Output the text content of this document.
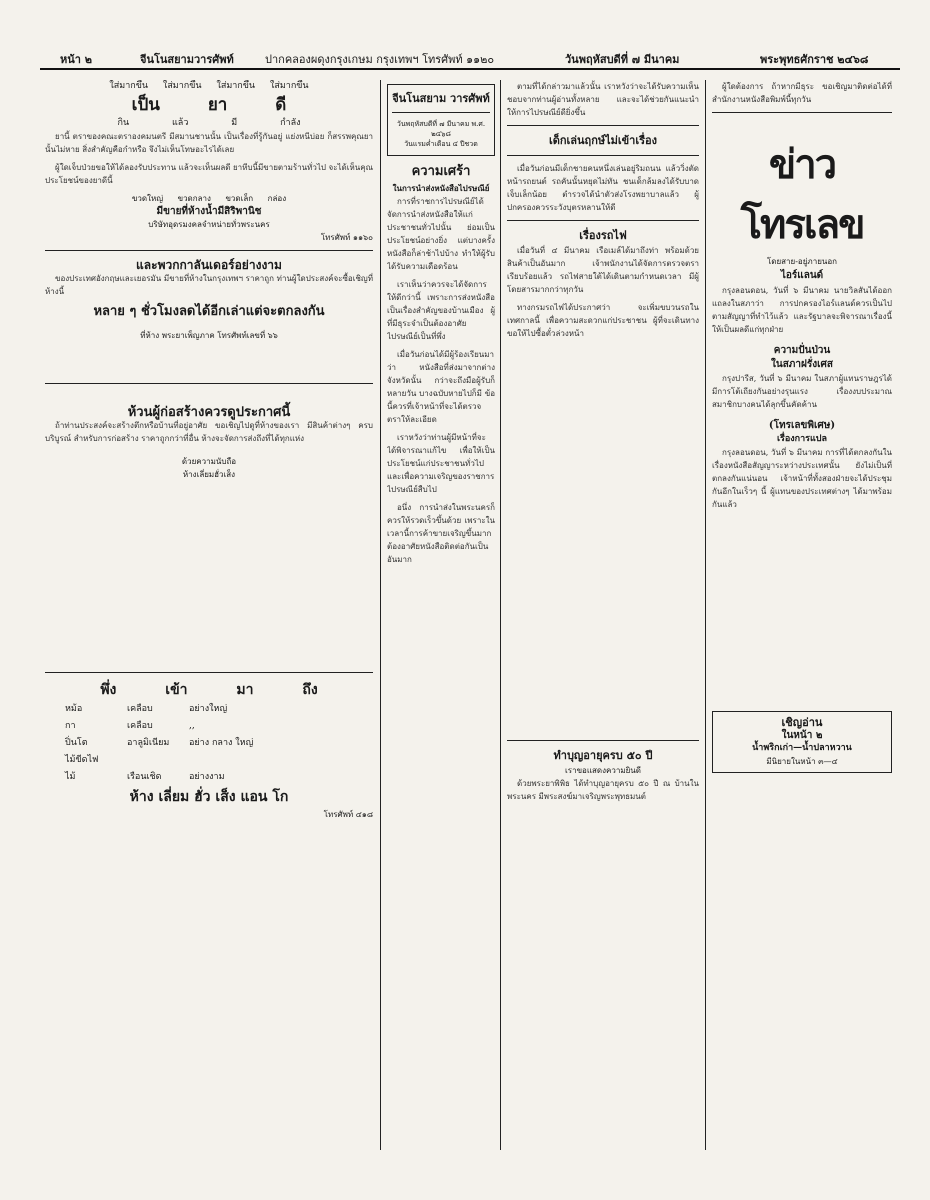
หน้า ๒	จีนโนสยามวารศัพท์	ปากคลองผดุงกรุงเกษม กรุงเทพฯ โทรศัพท์ ๑๑๒๐	วันพฤหัสบดีที่ ๗ มีนาคม	พระพุทธศักราช ๒๔๖๘
ใส่มากขึ้น ใส่มากขึ้น ใส่มากขึ้น ใส่มากขึ้น
เป็น	ยา	ดี
กิน	แล้ว	มี	กำลัง

ยานี้ ตราของคณะตราองคมนตรี มีสมานชานนั้น เป็นเรื่องที่รู้กันอยู่ แย่งหนีบ่อย ก็สรรพคุณยานั้นไม่หาย สิ่งสำคัญคือกำหรือ จึงไม่เห็นโทษอะไรได้เลย

ผู้ใดเจ็บป่วยขอให้ได้ลองรับประทาน แล้วจะเห็นผลดี ยาหีบนี้มีขายตามร้านทั่วไป จะได้เห็นคุณประโยชน์ของยาดีนี้

ขวดใหญ่ ขวดกลาง ขวดเล็ก กล่อง
มีขายที่ห้างน้ำมีสิริพานิช
บริษัทอุดรมงคลจำหน่ายทั่วพระนคร
โทรศัพท์ ๑๑๖๐
และพวกกาลันเดอร์อย่างงาม

ของประเทศอังกฤษและเยอรมัน มีขายที่ห้างในกรุงเทพฯ ราคาถูก ท่านผู้ใดประสงค์จะซื้อเชิญที่ห้างนี้

หลาย ๆ ชั่วโมงลดได้อีกเล่าแต่จะตกลงกัน
ที่ห้าง พระยาเพ็ญภาค โทรศัพท์เลขที่ ๖๖
ห้วนผู้ก่อสร้างควรดูประกาศนี้

ถ้าท่านประสงค์จะสร้างตึกหรือบ้านที่อยู่อาศัย ขอเชิญไปดูที่ห้างของเรา มีสินค้าต่างๆ ครบบริบูรณ์ สำหรับการก่อสร้าง ราคาถูกกว่าที่อื่น ห้างจะจัดการส่งถึงที่ได้ทุกแห่ง

ด้วยความนับถือ
ห้างเลี่ยมฮั่วเส็ง
พึ่ง	เข้า	มา	ถึง
หม้อ	เคลือบ	อย่างใหญ่
กา	เคลือบ	,,
ปิ่นโต	อาลูมิเนียม อย่าง กลาง ใหญ่
ไม้ขีดไฟ
ไม้	เรือนเชิด	อย่างงาม
ห้าง เลี่ยม ฮั่ว เส็ง แอน โก
โทรศัพท์ ๔๑๘
จีนโนสยาม วารศัพท์
วันพฤหัสบดีที่ ๗ มีนาคม พ.ศ. ๒๔๖๘
วันแรมค่ำเดือน ๔ ปีชวด
ความเศร้า
ในการนำส่งหนังสือไปรษณีย์

การที่ราชการไปรษณีย์ได้จัดการนำส่งหนังสือให้แก่ประชาชนทั่วไปนั้น ย่อมเป็นประโยชน์อย่างยิ่ง แต่บางครั้งหนังสือก็ล่าช้าไปบ้าง ทำให้ผู้รับได้รับความเดือดร้อน

เราเห็นว่าควรจะได้จัดการให้ดีกว่านี้ เพราะการส่งหนังสือเป็นเรื่องสำคัญของบ้านเมือง ผู้ที่มีธุระจำเป็นต้องอาศัยไปรษณีย์เป็นที่พึ่ง

เมื่อวันก่อนได้มีผู้ร้องเรียนมาว่า หนังสือที่ส่งมาจากต่างจังหวัดนั้น กว่าจะถึงมือผู้รับก็หลายวัน บางฉบับหายไปก็มี ข้อนี้ควรที่เจ้าหน้าที่จะได้ตรวจตราให้ละเอียด

เราหวังว่าท่านผู้มีหน้าที่จะได้พิจารณาแก้ไข เพื่อให้เป็นประโยชน์แก่ประชาชนทั่วไป และเพื่อความเจริญของราชการไปรษณีย์สืบไป

อนึ่ง การนำส่งในพระนครก็ควรให้รวดเร็วขึ้นด้วย เพราะในเวลานี้การค้าขายเจริญขึ้นมาก ต้องอาศัยหนังสือติดต่อกันเป็นอันมาก

ตามที่ได้กล่าวมาแล้วนั้น เราหวังว่าจะได้รับความเห็นชอบจากท่านผู้อ่านทั้งหลาย และจะได้ช่วยกันแนะนำให้การไปรษณีย์ดียิ่งขึ้น

เด็กเล่นฤกษ์ไม่เข้าเรื่อง

เมื่อวันก่อนมีเด็กชายคนหนึ่งเล่นอยู่ริมถนน แล้ววิ่งตัดหน้ารถยนต์ รถคันนั้นหยุดไม่ทัน ชนเด็กล้มลงได้รับบาดเจ็บเล็กน้อย ตำรวจได้นำตัวส่งโรงพยาบาลแล้ว ผู้ปกครองควรระวังบุตรหลานให้ดี

เรื่องรถไฟ

เมื่อวันที่ ๔ มีนาคม เรือเมล์ได้มาถึงท่า พร้อมด้วยสินค้าเป็นอันมาก เจ้าพนักงานได้จัดการตรวจตราเรียบร้อยแล้ว รถไฟสายใต้ได้เดินตามกำหนดเวลา มีผู้โดยสารมากกว่าทุกวัน

ทางกรมรถไฟได้ประกาศว่า จะเพิ่มขบวนรถในเทศกาลนี้ เพื่อความสะดวกแก่ประชาชน ผู้ที่จะเดินทางขอให้ไปซื้อตั๋วล่วงหน้า

ทำบุญอายุครบ ๕๐ ปี
เราขอแสดงความยินดี

ด้วยพระยาพิพิธ ได้ทำบุญอายุครบ ๕๐ ปี ณ บ้านในพระนคร มีพระสงฆ์มาเจริญพระพุทธมนต์

ผู้ใดต้องการ ถ้าหากมีธุระ ขอเชิญมาติดต่อได้ที่สำนักงานหนังสือพิมพ์นี้ทุกวัน

ข่าวโทรเลข
โดยสาย-อยู่ภายนอก
ไอร์แลนด์

กรุงลอนดอน, วันที่ ๖ มีนาคม นายวิลสันได้ออกแถลงในสภาว่า การปกครองไอร์แลนด์ควรเป็นไปตามสัญญาที่ทำไว้แล้ว และรัฐบาลจะพิจารณาเรื่องนี้ให้เป็นผลดีแก่ทุกฝ่าย

ความปั่นป่วน
ในสภาฝรั่งเศส

กรุงปารีส, วันที่ ๖ มีนาคม ในสภาผู้แทนราษฎรได้มีการโต้เถียงกันอย่างรุนแรง เรื่องงบประมาณ สมาชิกบางคนได้ลุกขึ้นคัดค้าน

(โทรเลขพิเศษ)
เรื่องการแปล

กรุงลอนดอน, วันที่ ๖ มีนาคม การที่ได้ตกลงกันในเรื่องหนังสือสัญญาระหว่างประเทศนั้น ยังไม่เป็นที่ตกลงกันแน่นอน เจ้าหน้าที่ทั้งสองฝ่ายจะได้ประชุมกันอีกในเร็วๆ นี้ ผู้แทนของประเทศต่างๆ ได้มาพร้อมกันแล้ว

เชิญอ่าน
ในหน้า ๒
น้ำพริกเก่า—น้ำปลาหวาน
มีนิยายในหน้า ๓—๔
